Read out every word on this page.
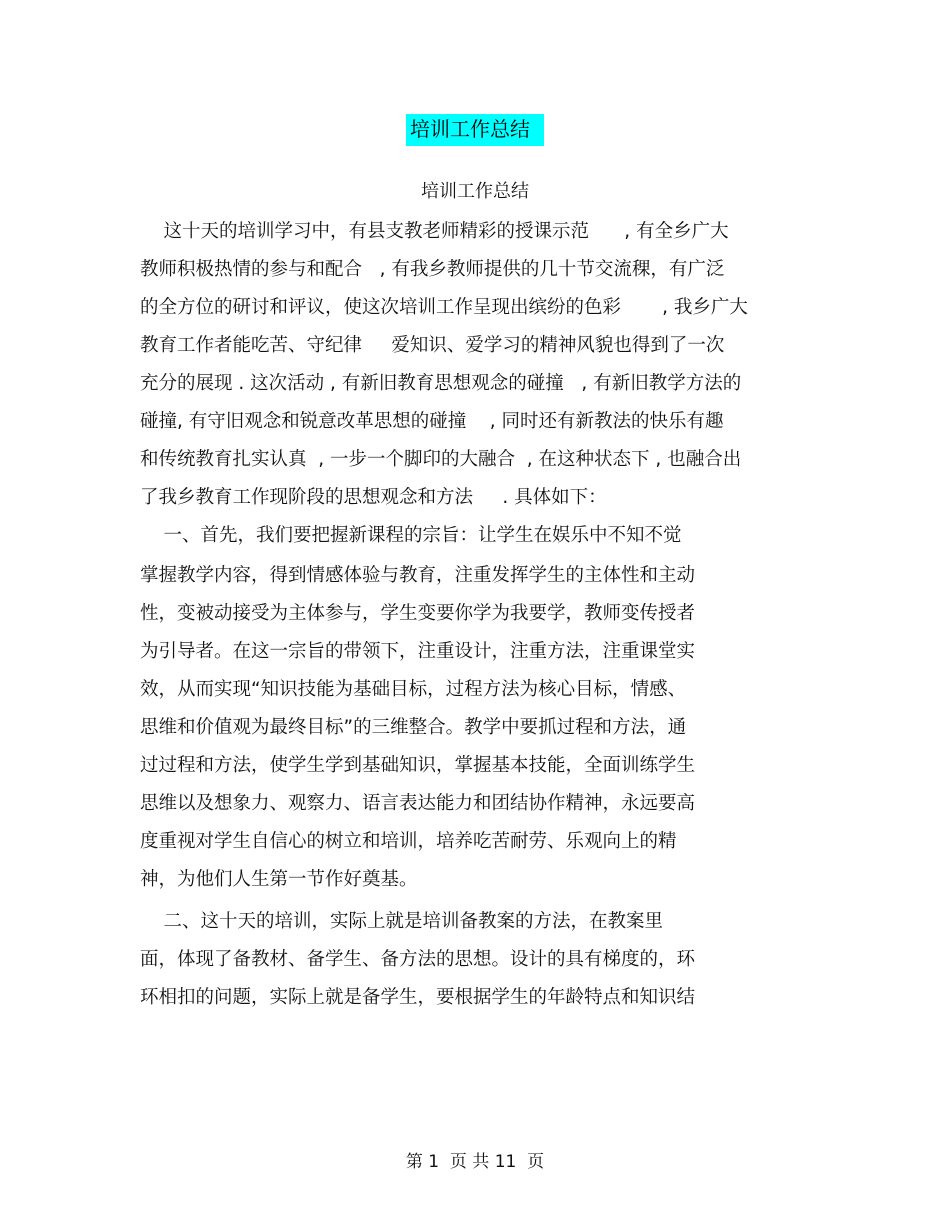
培训工作总结
培训工作总结
这十天的培训学习中，有县支教老师精彩的授课示范      , 有全乡广大
教师积极热情的参与和配合   , 有我乡教师提供的几十节交流稞，有广泛
的全方位的研讨和评议，使这次培训工作呈现出缤纷的色彩       , 我乡广大
教育工作者能吃苦、守纪律     爱知识、爱学习的精神风貌也得到了一次
充分的展现 . 这次活动 , 有新旧教育思想观念的碰撞   , 有新旧教学方法的
碰撞, 有守旧观念和锐意改革思想的碰撞    , 同时还有新教法的快乐有趣
和传统教育扎实认真  , 一步一个脚印的大融合  , 在这种状态下 , 也融合出
了我乡教育工作现阶段的思想观念和方法     . 具体如下：
一、首先，我们要把握新课程的宗旨：让学生在娱乐中不知不觉
掌握教学内容，得到情感体验与教育，注重发挥学生的主体性和主动
性，变被动接受为主体参与，学生变要你学为我要学，教师变传授者
为引导者。在这一宗旨的带领下，注重设计，注重方法，注重课堂实
效，从而实现“知识技能为基础目标，过程方法为核心目标，情感、
思维和价值观为最终目标”的三维整合。教学中要抓过程和方法，通
过过程和方法，使学生学到基础知识，掌握基本技能，全面训练学生
思维以及想象力、观察力、语言表达能力和团结协作精神，永远要高
度重视对学生自信心的树立和培训，培养吃苦耐劳、乐观向上的精
神，为他们人生第一节作好奠基。
二、这十天的培训，实际上就是培训备教案的方法，在教案里
面，体现了备教材、备学生、备方法的思想。设计的具有梯度的，环
环相扣的问题，实际上就是备学生，要根据学生的年龄特点和知识结
第 1  页 共 11  页
